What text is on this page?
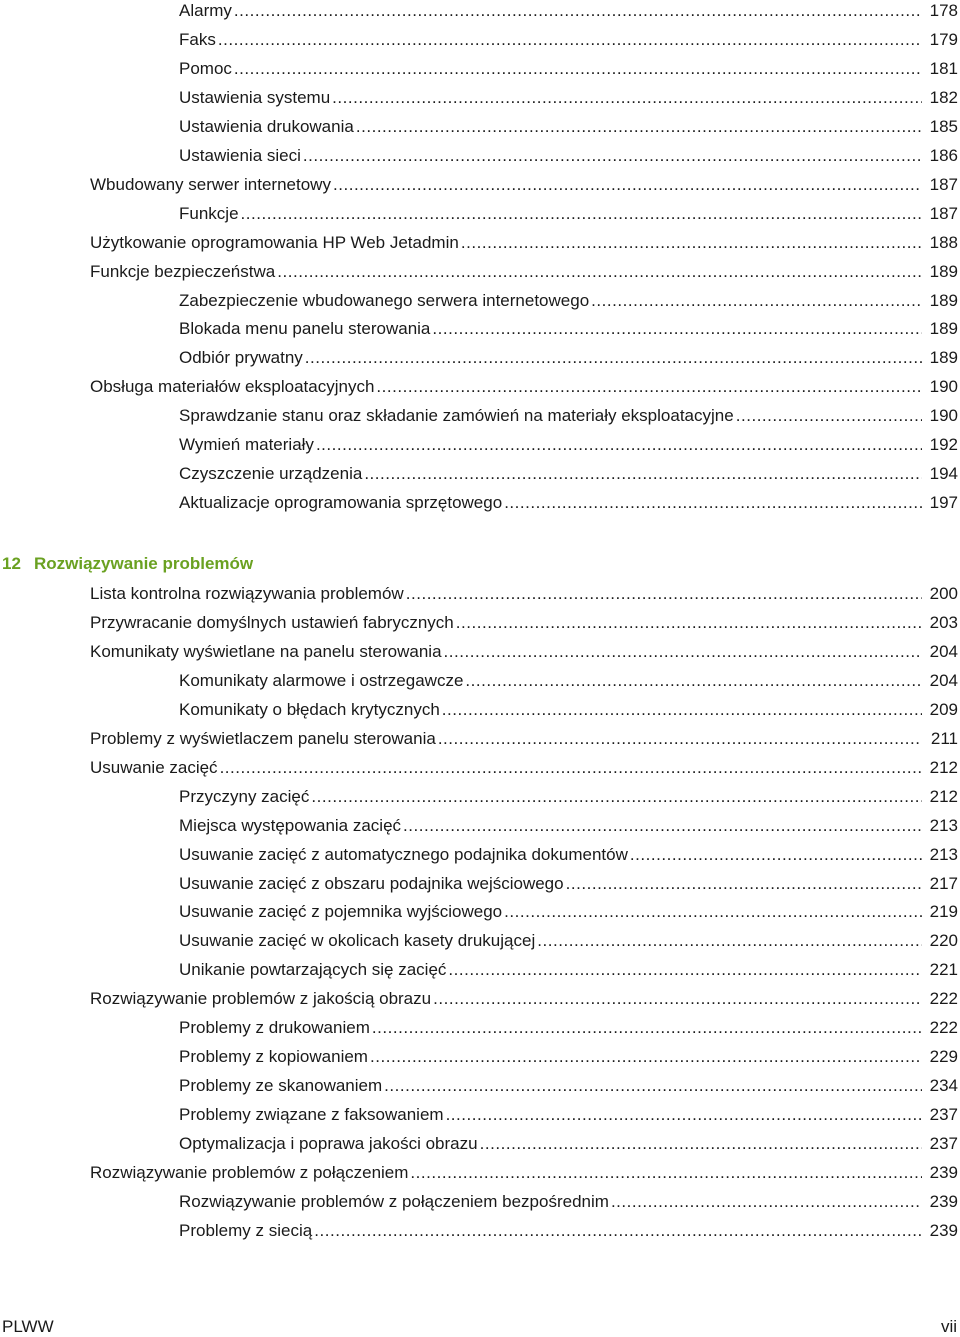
Alarmy . . .	178
Faks . . .	179
Pomoc . . .	181
Ustawienia systemu . . .	182
Ustawienia drukowania . . .	185
Ustawienia sieci . . .	186
Wbudowany serwer internetowy . . .	187
Funkcje . . .	187
Użytkowanie oprogramowania HP Web Jetadmin . . .	188
Funkcje bezpieczeństwa . . .	189
Zabezpieczenie wbudowanego serwera internetowego . . .	189
Blokada menu panelu sterowania . . .	189
Odbiór prywatny . . .	189
Obsługa materiałów eksploatacyjnych . . .	190
Sprawdzanie stanu oraz składanie zamówień na materiały eksploatacyjne . . .	190
Wymień materiały . . .	192
Czyszczenie urządzenia . . .	194
Aktualizacje oprogramowania sprzętowego . . .	197
12 Rozwiązywanie problemów
Lista kontrolna rozwiązywania problemów . . .	200
Przywracanie domyślnych ustawień fabrycznych . . .	203
Komunikaty wyświetlane na panelu sterowania . . .	204
Komunikaty alarmowe i ostrzegawcze . . .	204
Komunikaty o błędach krytycznych . . .	209
Problemy z wyświetlaczem panelu sterowania . . .	211
Usuwanie zacięć . . .	212
Przyczyny zacięć . . .	212
Miejsca występowania zacięć . . .	213
Usuwanie zacięć z automatycznego podajnika dokumentów . . .	213
Usuwanie zacięć z obszaru podajnika wejściowego . . .	217
Usuwanie zacięć z pojemnika wyjściowego . . .	219
Usuwanie zacięć w okolicach kasety drukującej . . .	220
Unikanie powtarzających się zacięć . . .	221
Rozwiązywanie problemów z jakością obrazu . . .	222
Problemy z drukowaniem . . .	222
Problemy z kopiowaniem . . .	229
Problemy ze skanowaniem . . .	234
Problemy związane z faksowaniem . . .	237
Optymalizacja i poprawa jakości obrazu . . .	237
Rozwiązywanie problemów z połączeniem . . .	239
Rozwiązywanie problemów z połączeniem bezpośrednim . . .	239
Problemy z siecią . . .	239
PLWW	vii
